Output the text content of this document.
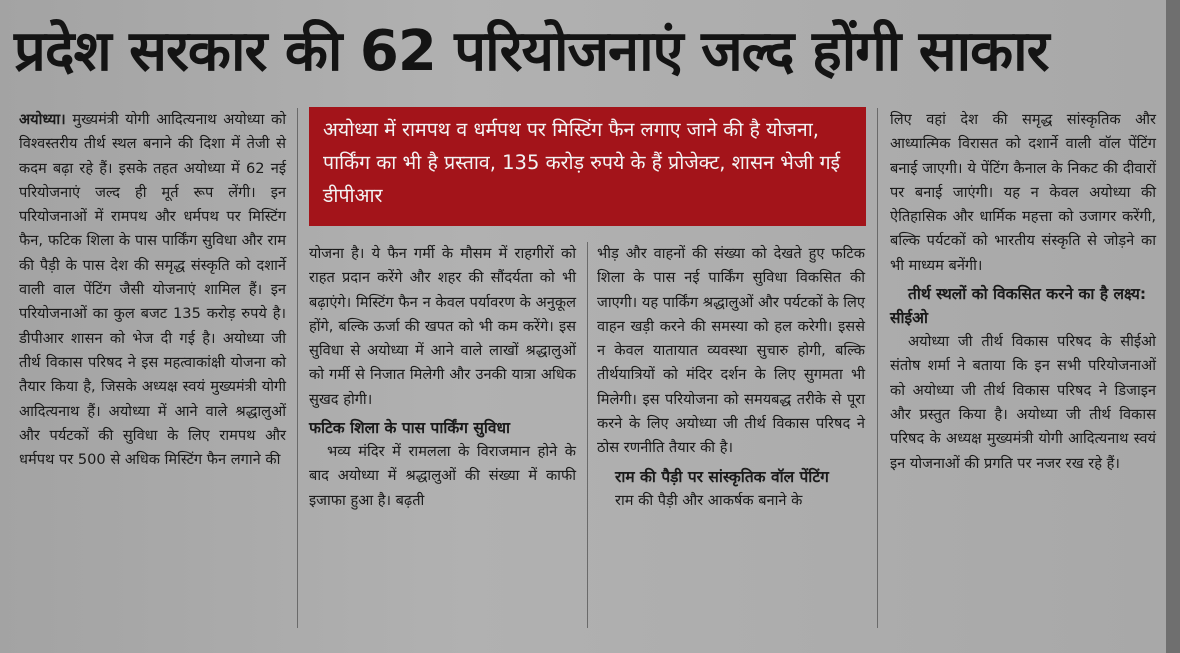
प्रदेश सरकार की 62 परियोजनाएं जल्द होंगी साकार
अयोध्या में रामपथ व धर्मपथ पर मिस्टिंग फैन लगाए जाने की है योजना, पार्किंग का भी है प्रस्ताव, 135 करोड़ रुपये के हैं प्रोजेक्ट, शासन भेजी गई डीपीआर

अयोध्या। मुख्यमंत्री योगी आदित्यनाथ अयोध्या को विश्वस्तरीय तीर्थ स्थल बनाने की दिशा में तेजी से कदम बढ़ा रहे हैं। इसके तहत अयोध्या में 62 नई परियोजनाएं जल्द ही मूर्त रूप लेंगी। इन परियोजनाओं में रामपथ और धर्मपथ पर मिस्टिंग फैन, फटिक शिला के पास पार्किंग सुविधा और राम की पैड़ी के पास देश की समृद्ध संस्कृति को दशार्ने वाली वाल पेंटिंग जैसी योजनाएं शामिल हैं। इन परियोजनाओं का कुल बजट 135 करोड़ रुपये है। डीपीआर शासन को भेज दी गई है। अयोध्या जी तीर्थ विकास परिषद ने इस महत्वाकांक्षी योजना को तैयार किया है, जिसके अध्यक्ष स्वयं मुख्यमंत्री योगी आदित्यनाथ हैं। अयोध्या में आने वाले श्रद्धालुओं और पर्यटकों की सुविधा के लिए रामपथ और धर्मपथ पर 500 से अधिक मिस्टिंग फैन लगाने की

योजना है। ये फैन गर्मी के मौसम में राहगीरों को राहत प्रदान करेंगे और शहर की सौंदर्यता को भी बढ़ाएंगे। मिस्टिंग फैन न केवल पर्यावरण के अनुकूल होंगे, बल्कि ऊर्जा की खपत को भी कम करेंगे। इस सुविधा से अयोध्या में आने वाले लाखों श्रद्धालुओं को गर्मी से निजात मिलेगी और उनकी यात्रा अधिक सुखद होगी।

फटिक शिला के पास पार्किंग सुविधा

भव्य मंदिर में रामलला के विराजमान होने के बाद अयोध्या में श्रद्धालुओं की संख्या में काफी इजाफा हुआ है। बढ़ती

भीड़ और वाहनों की संख्या को देखते हुए फटिक शिला के पास नई पार्किंग सुविधा विकसित की जाएगी। यह पार्किंग श्रद्धालुओं और पर्यटकों के लिए वाहन खड़ी करने की समस्या को हल करेगी। इससे न केवल यातायात व्यवस्था सुचारु होगी, बल्कि तीर्थयात्रियों को मंदिर दर्शन के लिए सुगमता भी मिलेगी। इस परियोजना को समयबद्ध तरीके से पूरा करने के लिए अयोध्या जी तीर्थ विकास परिषद ने ठोस रणनीति तैयार की है।

राम की पैड़ी पर सांस्कृतिक वॉल पेंटिंग

राम की पैड़ी और आकर्षक बनाने के

लिए वहां देश की समृद्ध सांस्कृतिक और आध्यात्मिक विरासत को दशार्ने वाली वॉल पेंटिंग बनाई जाएगी। ये पेंटिंग कैनाल के निकट की दीवारों पर बनाई जाएंगी। यह न केवल अयोध्या की ऐतिहासिक और धार्मिक महत्ता को उजागर करेंगी, बल्कि पर्यटकों को भारतीय संस्कृति से जोड़ने का भी माध्यम बनेंगी।

तीर्थ स्थलों को विकसित करने का है लक्ष्य: सीईओ

अयोध्या जी तीर्थ विकास परिषद के सीईओ संतोष शर्मा ने बताया कि इन सभी परियोजनाओं को अयोध्या जी तीर्थ विकास परिषद ने डिजाइन और प्रस्तुत किया है। अयोध्या जी तीर्थ विकास परिषद के अध्यक्ष मुख्यमंत्री योगी आदित्यनाथ स्वयं इन योजनाओं की प्रगति पर नजर रख रहे हैं।
